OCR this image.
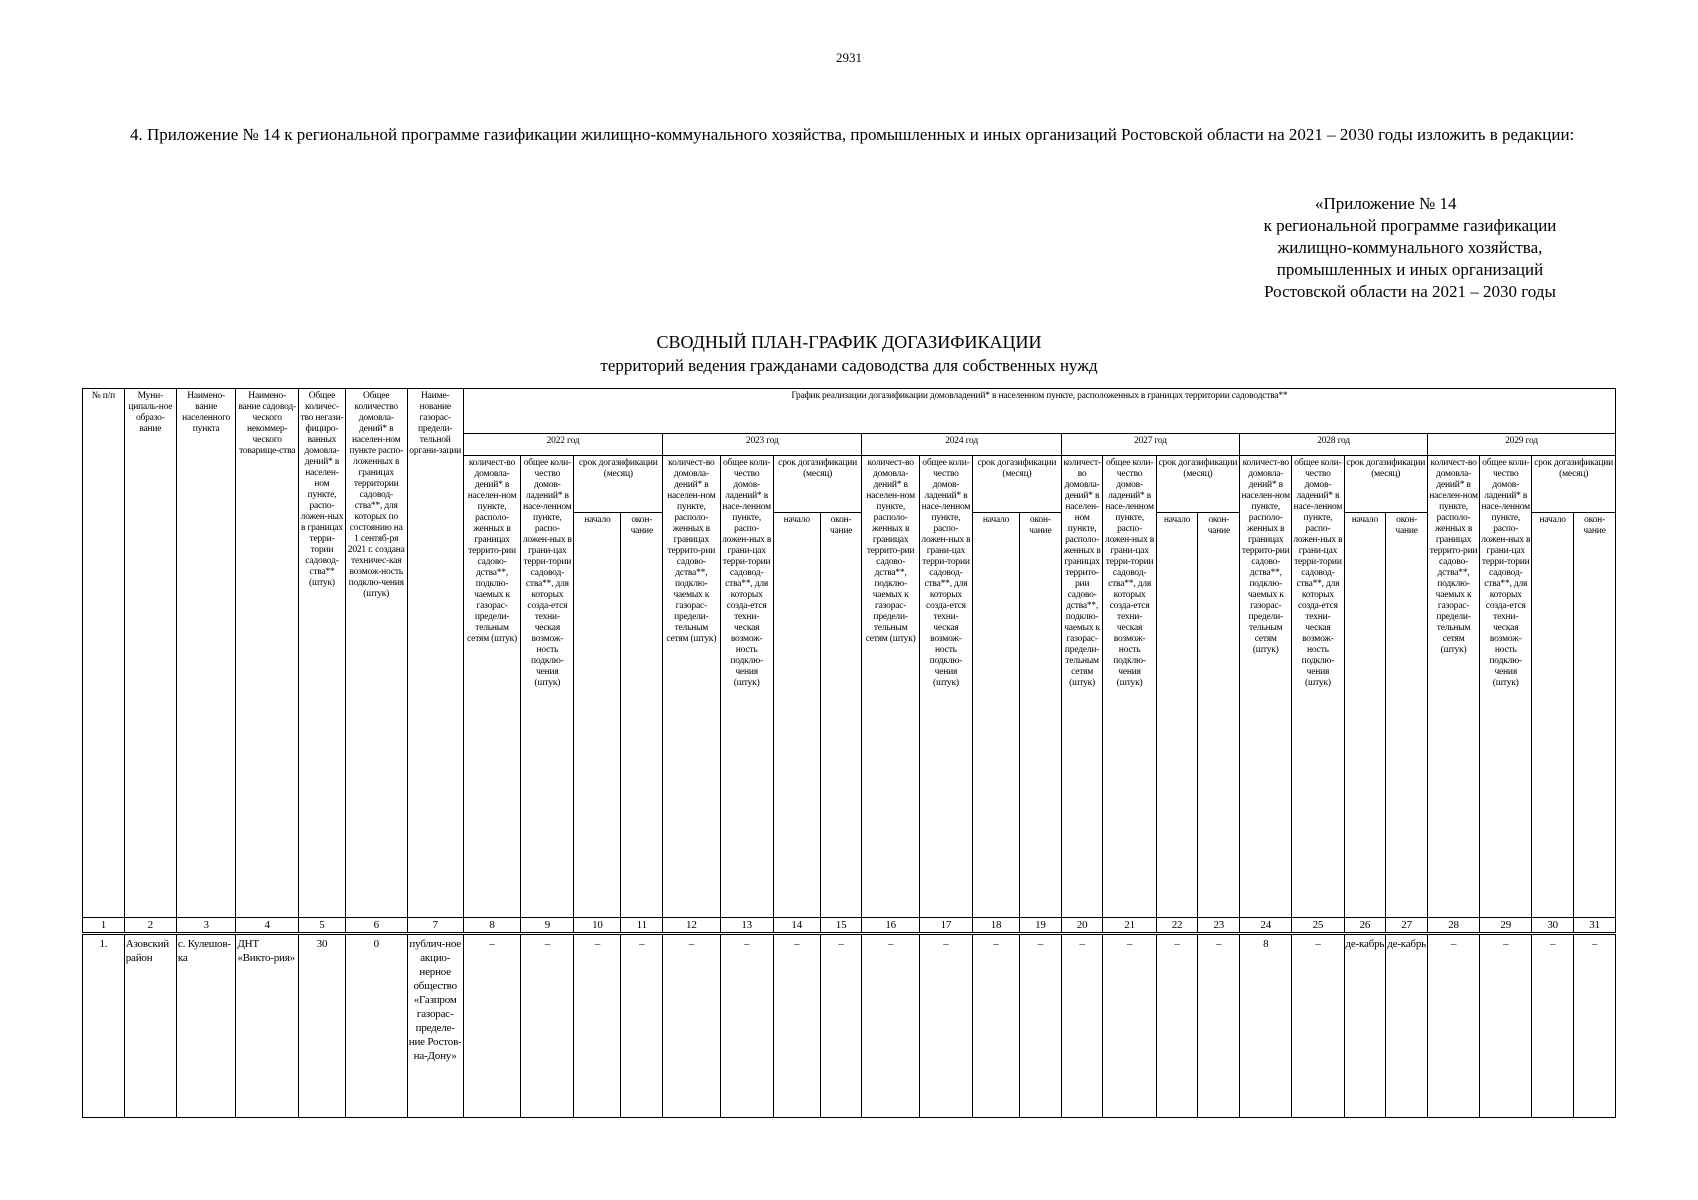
2931
4. Приложение № 14 к региональной программе газификации жилищно-коммунального хозяйства, промышленных и иных организаций Ростовской области на 2021 – 2030 годы изложить в редакции:
«Приложение № 14
к региональной программе газификации
жилищно-коммунального хозяйства,
промышленных и иных организаций
Ростовской области на 2021 – 2030 годы
СВОДНЫЙ ПЛАН-ГРАФИК ДОГАЗИФИКАЦИИ
территорий ведения гражданами садоводства для собственных нужд
№ п/п	Муни-ципаль-ное образо-вание	Наимено-вание населенного пункта	Наимено-вание садовод-ческого некоммер-ческого товарище-ства	Общее количес-тво негази-фициро-ванных домовла-дений* в населен-ном пункте, распо-ложен-ных в границах терри-тории садовод-ства** (штук)	Общее количество домовла-дений* в населен-ном пункте распо-ложенных в границах территории садовод-ства**, для которых по состоянию на 1 сентяб-ря 2021 г. создана техничес-кая возмож-ность подклю-чения (штук)	Наиме-нование газорас-предели-тельной органи-зации	График реализации догазификации домовладений* в населенном пункте, расположенных в границах территории садоводства**																							
							2022 год				2023 год				2024 год				2027 год				2028 год				2029 год			
							количест-во домовла-дений* в населен-ном пункте, располо-женных в границах террито-рии садово-дства**, подклю-чаемых к газорас-предели-тельным сетям (штук)	общее коли-чество домов-ладений* в насе-ленном пункте, распо-ложен-ных в грани-цах терри-тории садовод-ства**, для которых созда-ется техни-ческая возмож-ность подклю-чения (штук)	срок догазификации (месяц)		количест-во домовла-дений* в населен-ном пункте, располо-женных в границах террито-рии садово-дства**, подклю-чаемых к газорас-предели-тельным сетям (штук)	общее коли-чество домов-ладений* в насе-ленном пункте, распо-ложен-ных в грани-цах терри-тории садовод-ства**, для которых созда-ется техни-ческая возмож-ность подклю-чения (штук)	срок догазификации (месяц)		количест-во домовла-дений* в населен-ном пункте, располо-женных в границах террито-рии садово-дства**, подклю-чаемых к газорас-предели-тельным сетям (штук)	общее коли-чество домов-ладений* в насе-ленном пункте, распо-ложен-ных в грани-цах терри-тории садовод-ства**, для которых созда-ется техни-ческая возмож-ность подклю-чения (штук)	срок догазификации (месяц)		количест-во домовла-дений* в населен-ном пункте, располо-женных в границах террито-рии садово-дства**, подклю-чаемых к газорас-предели-тельным сетям (штук)	общее коли-чество домов-ладений* в насе-ленном пункте, распо-ложен-ных в грани-цах терри-тории садовод-ства**, для которых созда-ется техни-ческая возмож-ность подклю-чения (штук)	срок догазификации (месяц)		количест-во домовла-дений* в населен-ном пункте, располо-женных в границах террито-рии садово-дства**, подклю-чаемых к газорас-предели-тельным сетям (штук)	общее коли-чество домов-ладений* в насе-ленном пункте, распо-ложен-ных в грани-цах терри-тории садовод-ства**, для которых созда-ется техни-ческая возмож-ность подклю-чения (штук)	срок догазификации (месяц)		количест-во домовла-дений* в населен-ном пункте, располо-женных в границах террито-рии садово-дства**, подклю-чаемых к газорас-предели-тельным сетям (штук)	общее коли-чество домов-ладений* в насе-ленном пункте, распо-ложен-ных в грани-цах терри-тории садовод-ства**, для которых созда-ется техни-ческая возмож-ность подклю-чения (штук)	срок догазификации (месяц)	
									начало	окон-чание			начало	окон-чание			начало	окон-чание			начало	окон-чание			начало	окон-чание			начало	окон-чание
1	2	3	4	5	6	7	8	9	10	11	12	13	14	15	16	17	18	19	20	21	22	23	24	25	26	27	28	29	30	31
1.	Азовский район	с. Кулешов-ка	ДНТ «Викто-рия»	30	0	публич-ное акцио-нерное общество «Газпром газорас-пределе-ние Ростов-на-Дону»	–	–	–	–	–	–	–	–	–	–	–	–	–	–	–	–	8	–	де-кабрь	де-кабрь	–	–	–	–
